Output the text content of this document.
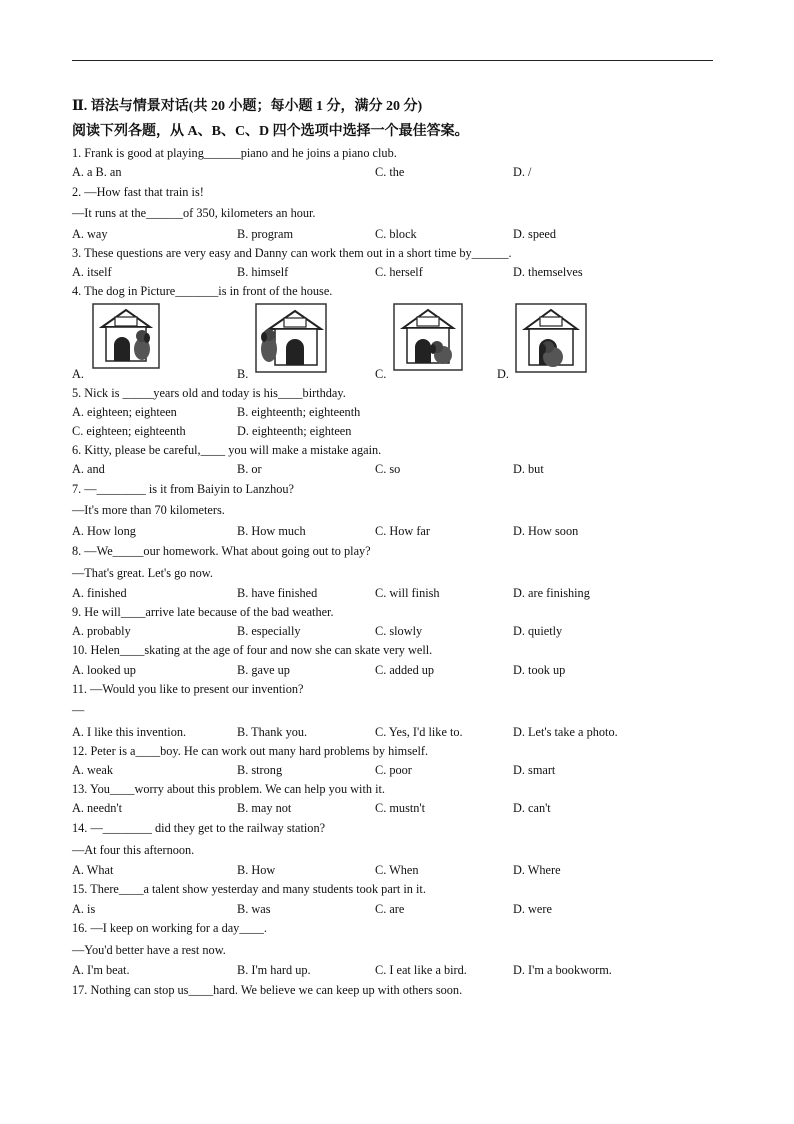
Ⅱ. 语法与情景对话(共 20 小题；每小题 1 分，满分 20 分)
阅读下列各题，从 A、B、C、D 四个选项中选择一个最佳答案。
1. Frank is good at playing______piano and he joins a piano club.
A. a B. an	C. the	D. /
2. —How fast that train is!
—It runs at the______of 350, kilometers an hour.
A. way	B. program	C. block	D. speed
3. These questions are very easy and Danny can work them out in a short time by______.
A. itself	B. himself	C. herself	D. themselves
4. The dog in Picture_______is in front of the house.
A.	B.	C.	D.
5. Nick is _____years old and today is his____birthday.
A. eighteen; eighteen	B. eighteenth; eighteenth
C. eighteen; eighteenth	D. eighteenth; eighteen
6. Kitty, please be careful,____ you will make a mistake again.
A. and	B. or	C. so	D. but
7. —________ is it from Baiyin to Lanzhou?
—It's more than 70 kilometers.
A. How long	B. How much	C. How far	D. How soon
8. —We_____our homework. What about going out to play?
—That's great. Let's go now.
A. finished	B. have finished	C. will finish	D. are finishing
9. He will____arrive late because of the bad weather.
A. probably	B. especially	C. slowly	D. quietly
10. Helen____skating at the age of four and now she can skate very well.
A. looked up	B. gave up	C. added up	D. took up
11. —Would you like to present our invention?
—
A. I like this invention.	B. Thank you.	C. Yes, I'd like to.	D. Let's take a photo.
12. Peter is a____boy. He can work out many hard problems by himself.
A. weak	B. strong	C. poor	D. smart
13. You____worry about this problem. We can help you with it.
A. needn't	B. may not	C. mustn't	D. can't
14. —________ did they get to the railway station?
—At four this afternoon.
A. What	B. How	C. When	D. Where
15. There____a talent show yesterday and many students took part in it.
A. is	B. was	C. are	D. were
16. —I keep on working for a day____.
—You'd better have a rest now.
A. I'm beat.	B. I'm hard up.	C. I eat like a bird.	D. I'm a bookworm.
17. Nothing can stop us____hard. We believe we can keep up with others soon.
